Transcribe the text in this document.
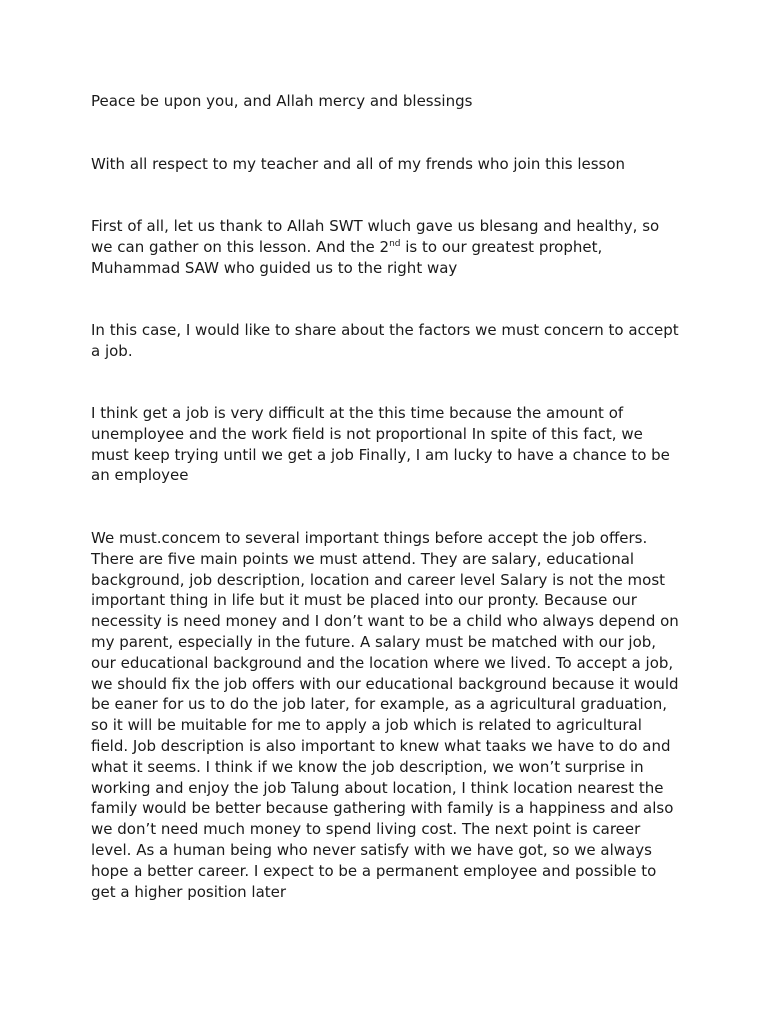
Peace be upon you, and Allah mercy and blessings

With all respect to my teacher and all of my frends who join this lesson

First of all, let us thank to Allah SWT wluch gave us blesang and healthy, so we can gather on this lesson. And the 2nd is to our greatest prophet, Muhammad SAW who guided us to the right way

In this case, I would like to share about the factors we must concern to accept a job.

I think get a job is very difficult at the this time because the amount of unemployee and the work field is not proportional In spite of this fact, we must keep trying until we get a job Finally, I am lucky to have a chance to be an employee

We must.concem to several important things before accept the job offers. There are five main points we must attend. They are salary, educational background, job description, location and career level Salary is not the most important thing in life but it must be placed into our pronty. Because our necessity is need money and I don’t want to be a child who always depend on my parent, especially in the future. A salary must be matched with our job, our educational background and the location where we lived. To accept a job, we should fix the job offers with our educational background because it would be eaner for us to do the job later, for example, as a agricultural graduation, so it will be muitable for me to apply a job which is related to agricultural field. Job description is also important to knew what taaks we have to do and what it seems. I think if we know the job description, we won’t surprise in working and enjoy the job Talung about location, I think location nearest the family would be better because gathering with family is a happiness and also we don’t need much money to spend living cost. The next point is career level. As a human being who never satisfy with we have got, so we always hope a better career. I expect to be a permanent employee and possible to get a higher position later
